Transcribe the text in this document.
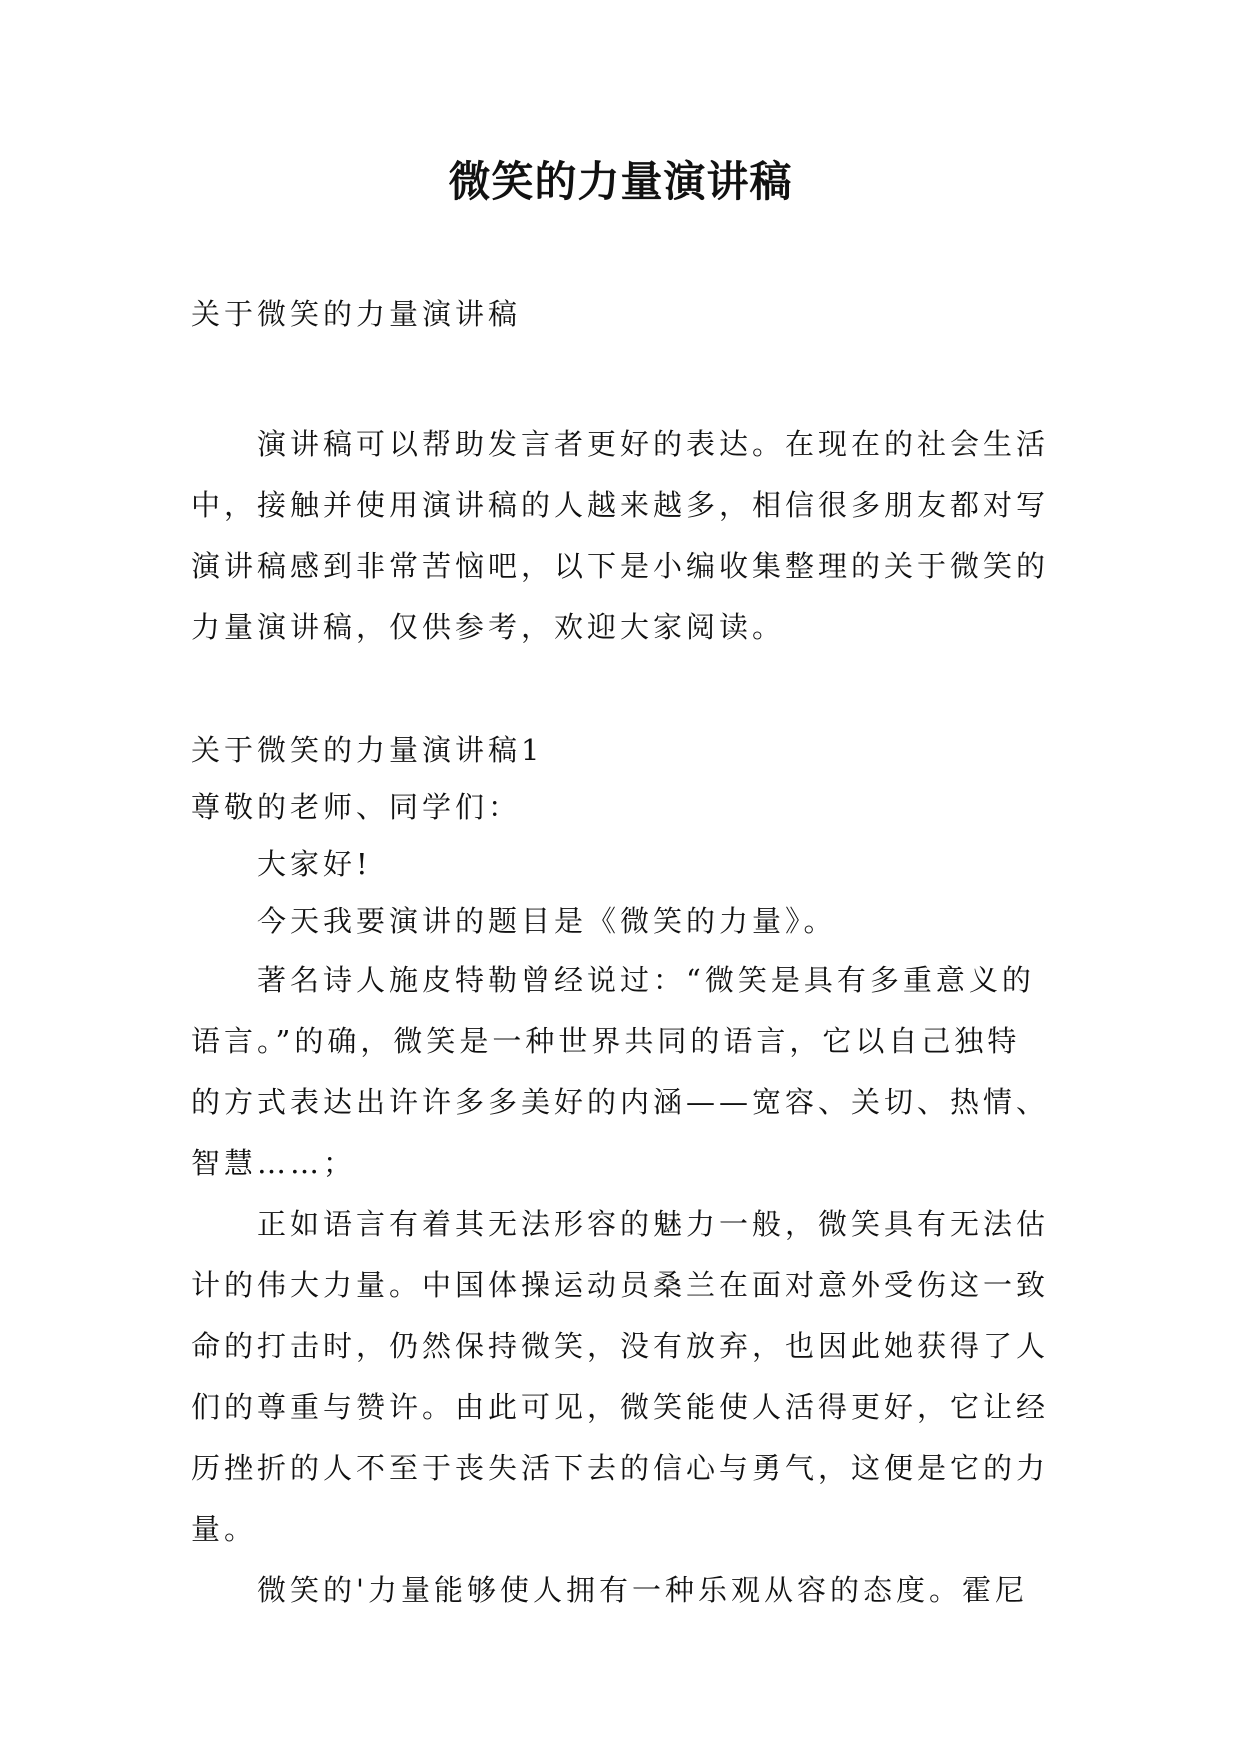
微笑的力量演讲稿

关于微笑的力量演讲稿

演讲稿可以帮助发言者更好的表达。在现在的社会生活

中，接触并使用演讲稿的人越来越多，相信很多朋友都对写

演讲稿感到非常苦恼吧，以下是小编收集整理的关于微笑的

力量演讲稿，仅供参考，欢迎大家阅读。

关于微笑的力量演讲稿1

尊敬的老师、同学们：

大家好!

今天我要演讲的题目是《微笑的力量》。

著名诗人施皮特勒曾经说过：“微笑是具有多重意义的

语言。”的确，微笑是一种世界共同的语言，它以自己独特

的方式表达出许许多多美好的内涵——宽容、关切、热情、

智慧……；

正如语言有着其无法形容的魅力一般，微笑具有无法估

计的伟大力量。中国体操运动员桑兰在面对意外受伤这一致

命的打击时，仍然保持微笑，没有放弃，也因此她获得了人

们的尊重与赞许。由此可见，微笑能使人活得更好，它让经

历挫折的人不至于丧失活下去的信心与勇气，这便是它的力

量。

微笑的'力量能够使人拥有一种乐观从容的态度。霍尼
